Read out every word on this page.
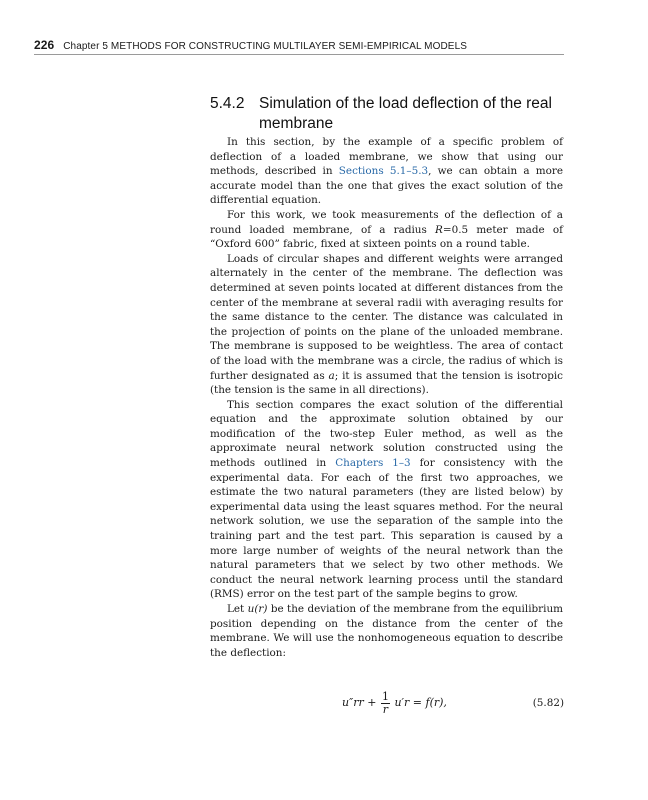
226 Chapter 5 METHODS FOR CONSTRUCTING MULTILAYER SEMI-EMPIRICAL MODELS
5.4.2 Simulation of the load deflection of the real
membrane

In this section, by the example of a specific problem of deflection of a loaded membrane, we show that using our methods, described in Sections 5.1–5.3, we can obtain a more accurate model than the one that gives the exact solution of the differential equation.

For this work, we took measurements of the deflection of a round loaded membrane, of a radius R=0.5 meter made of “Oxford 600” fabric, fixed at sixteen points on a round table.

Loads of circular shapes and different weights were arranged alternately in the center of the membrane. The deflection was determined at seven points located at different distances from the center of the membrane at several radii with averaging results for the same distance to the center. The distance was calculated in the projection of points on the plane of the unloaded membrane. The membrane is supposed to be weightless. The area of contact of the load with the membrane was a circle, the radius of which is further designated as a; it is assumed that the tension is isotropic (the tension is the same in all directions).

This section compares the exact solution of the differential equation and the approximate solution obtained by our modification of the two-step Euler method, as well as the approximate neural network solution constructed using the methods outlined in Chapters 1–3 for consistency with the experimental data. For each of the first two approaches, we estimate the two natural parameters (they are listed below) by experimental data using the least squares method. For the neural network solution, we use the separation of the sample into the training part and the test part. This separation is caused by a more large number of weights of the neural network than the natural parameters that we select by two other methods. We conduct the neural network learning process until the standard (RMS) error on the test part of the sample begins to grow.

Let u(r) be the deviation of the membrane from the equilibrium position depending on the distance from the center of the membrane. We will use the nonhomogeneous equation to describe the deflection:

$u''rr + \frac{1}{r} u'r = f(r)$,	(5.82)
